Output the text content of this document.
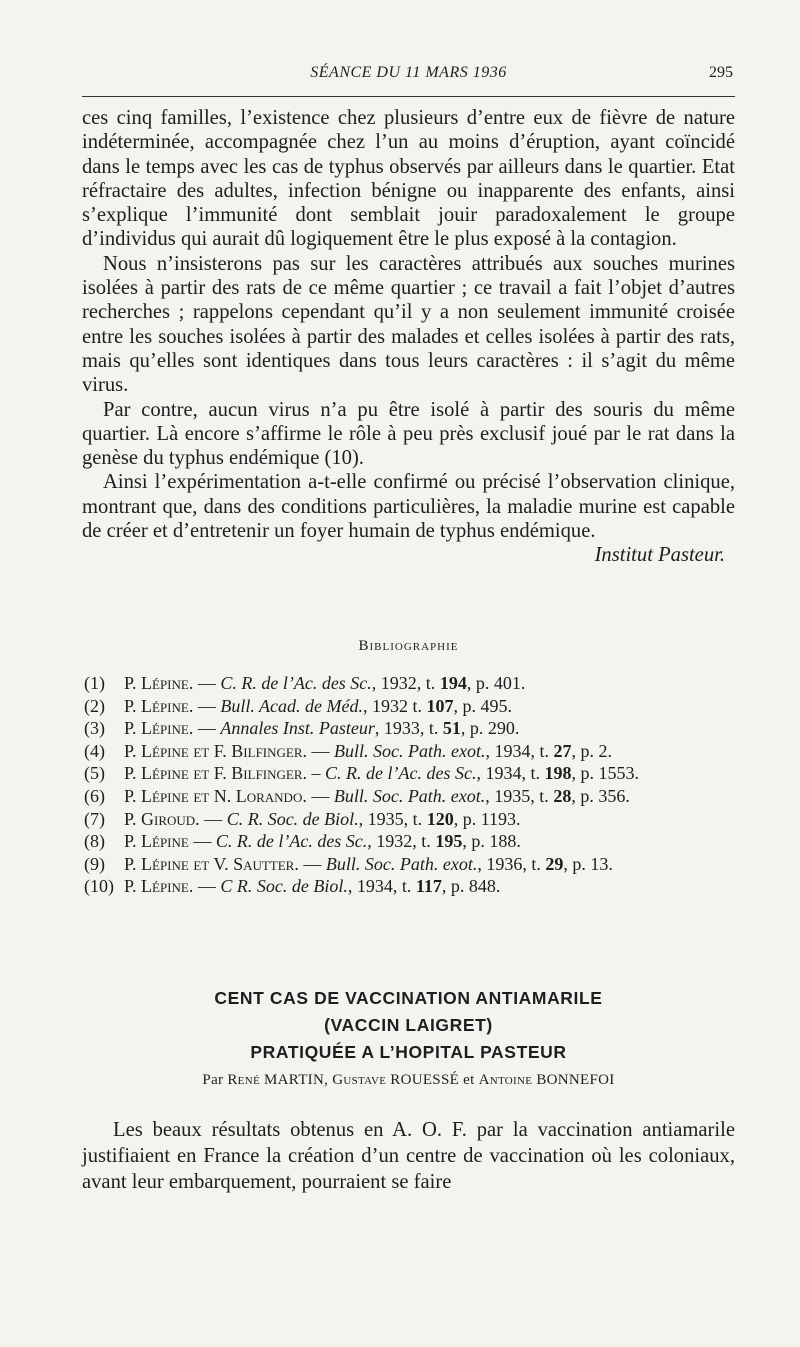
SÉANCE DU 11 MARS 1936	295

ces cinq familles, l’existence chez plusieurs d’entre eux de fièvre de nature indéterminée, accompagnée chez l’un au moins d’éruption, ayant coïncidé dans le temps avec les cas de typhus observés par ailleurs dans le quartier. Etat réfractaire des adultes, infection bénigne ou inapparente des enfants, ainsi s’explique l’immunité dont semblait jouir paradoxalement le groupe d’individus qui aurait dû logiquement être le plus exposé à la contagion.

Nous n’insisterons pas sur les caractères attribués aux souches murines isolées à partir des rats de ce même quartier ; ce travail a fait l’objet d’autres recherches ; rappelons cependant qu’il y a non seulement immunité croisée entre les souches isolées à partir des malades et celles isolées à partir des rats, mais qu’elles sont identiques dans tous leurs caractères : il s’agit du même virus.

Par contre, aucun virus n’a pu être isolé à partir des souris du même quartier. Là encore s’affirme le rôle à peu près exclusif joué par le rat dans la genèse du typhus endémique (10).

Ainsi l’expérimentation a-t-elle confirmé ou précisé l’observation clinique, montrant que, dans des conditions particulières, la maladie murine est capable de créer et d’entretenir un foyer humain de typhus endémique.

Institut Pasteur.
Bibliographie
(1)	P. Lépine. — C. R. de l’Ac. des Sc., 1932, t. 194, p. 401.
(2)	P. Lépine. — Bull. Acad. de Méd., 1932 t. 107, p. 495.
(3)	P. Lépine. — Annales Inst. Pasteur, 1933, t. 51, p. 290.
(4)	P. Lépine et F. Bilfinger. — Bull. Soc. Path. exot., 1934, t. 27, p. 2.
(5)	P. Lépine et F. Bilfinger. – C. R. de l’Ac. des Sc., 1934, t. 198, p. 1553.
(6)	P. Lépine et N. Lorando. — Bull. Soc. Path. exot., 1935, t. 28, p. 356.
(7)	P. Giroud. — C. R. Soc. de Biol., 1935, t. 120, p. 1193.
(8)	P. Lépine — C. R. de l’Ac. des Sc., 1932, t. 195, p. 188.
(9)	P. Lépine et V. Sautter. — Bull. Soc. Path. exot., 1936, t. 29, p. 13.
(10) P. Lépine. — C R. Soc. de Biol., 1934, t. 117, p. 848.
CENT CAS DE VACCINATION ANTIAMARILE
(VACCIN LAIGRET)
PRATIQUÉE A L’HOPITAL PASTEUR
Par René MARTIN, Gustave ROUESSÉ et Antoine BONNEFOI

Les beaux résultats obtenus en A. O. F. par la vaccination antiamarile justifiaient en France la création d’un centre de vaccination où les coloniaux, avant leur embarquement, pourraient se faire
